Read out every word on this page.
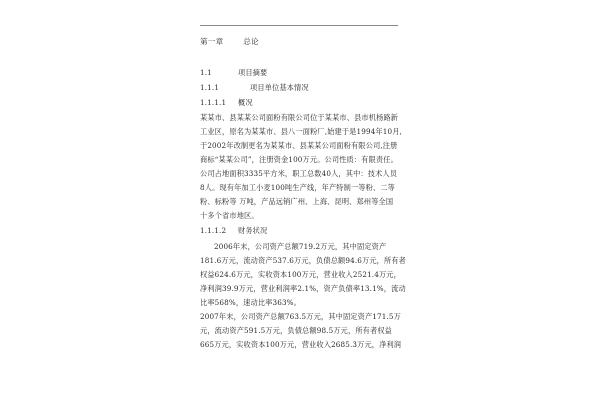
第一章	总论
1.1	项目摘要
1.1.1	项目单位基本情况
1.1.1.1 概况
某某市、县某某公司面粉有限公司位于某某市、县市机杨路新
工业区，原名为某某市、县八一面粉厂,始建于是1994年10月,
于2002年改制更名为某某市、县某某公司面粉有限公司,注册
商标“某某公司”，注册资金100万元。公司性质：有限责任。
公司占地面积3335平方米，职工总数40人，其中：技术人员
8人。现有年加工小麦100吨生产线，年产特制一等粉、二等
粉、标粉等 万吨，产品远销广州、上海、昆明、郑州等全国
十多个省市地区。
1.1.1.2 财务状况
2006年末，公司资产总额719.2万元，其中固定资产
181.6万元，流动资产537.6万元，负债总额94.6万元，所有者
权益624.6万元，实收资本100万元，营业收入2521.4万元，
净利润39.9万元，营业利润率2.1%，资产负债率13.1%，流动
比率568%，速动比率363%。
2007年末，公司资产总额763.5万元，其中固定资产171.5万
元，流动资产591.5万元，负债总额98.5万元，所有者权益
665万元，实收资本100万元，营业收入2685.3万元，净利润
